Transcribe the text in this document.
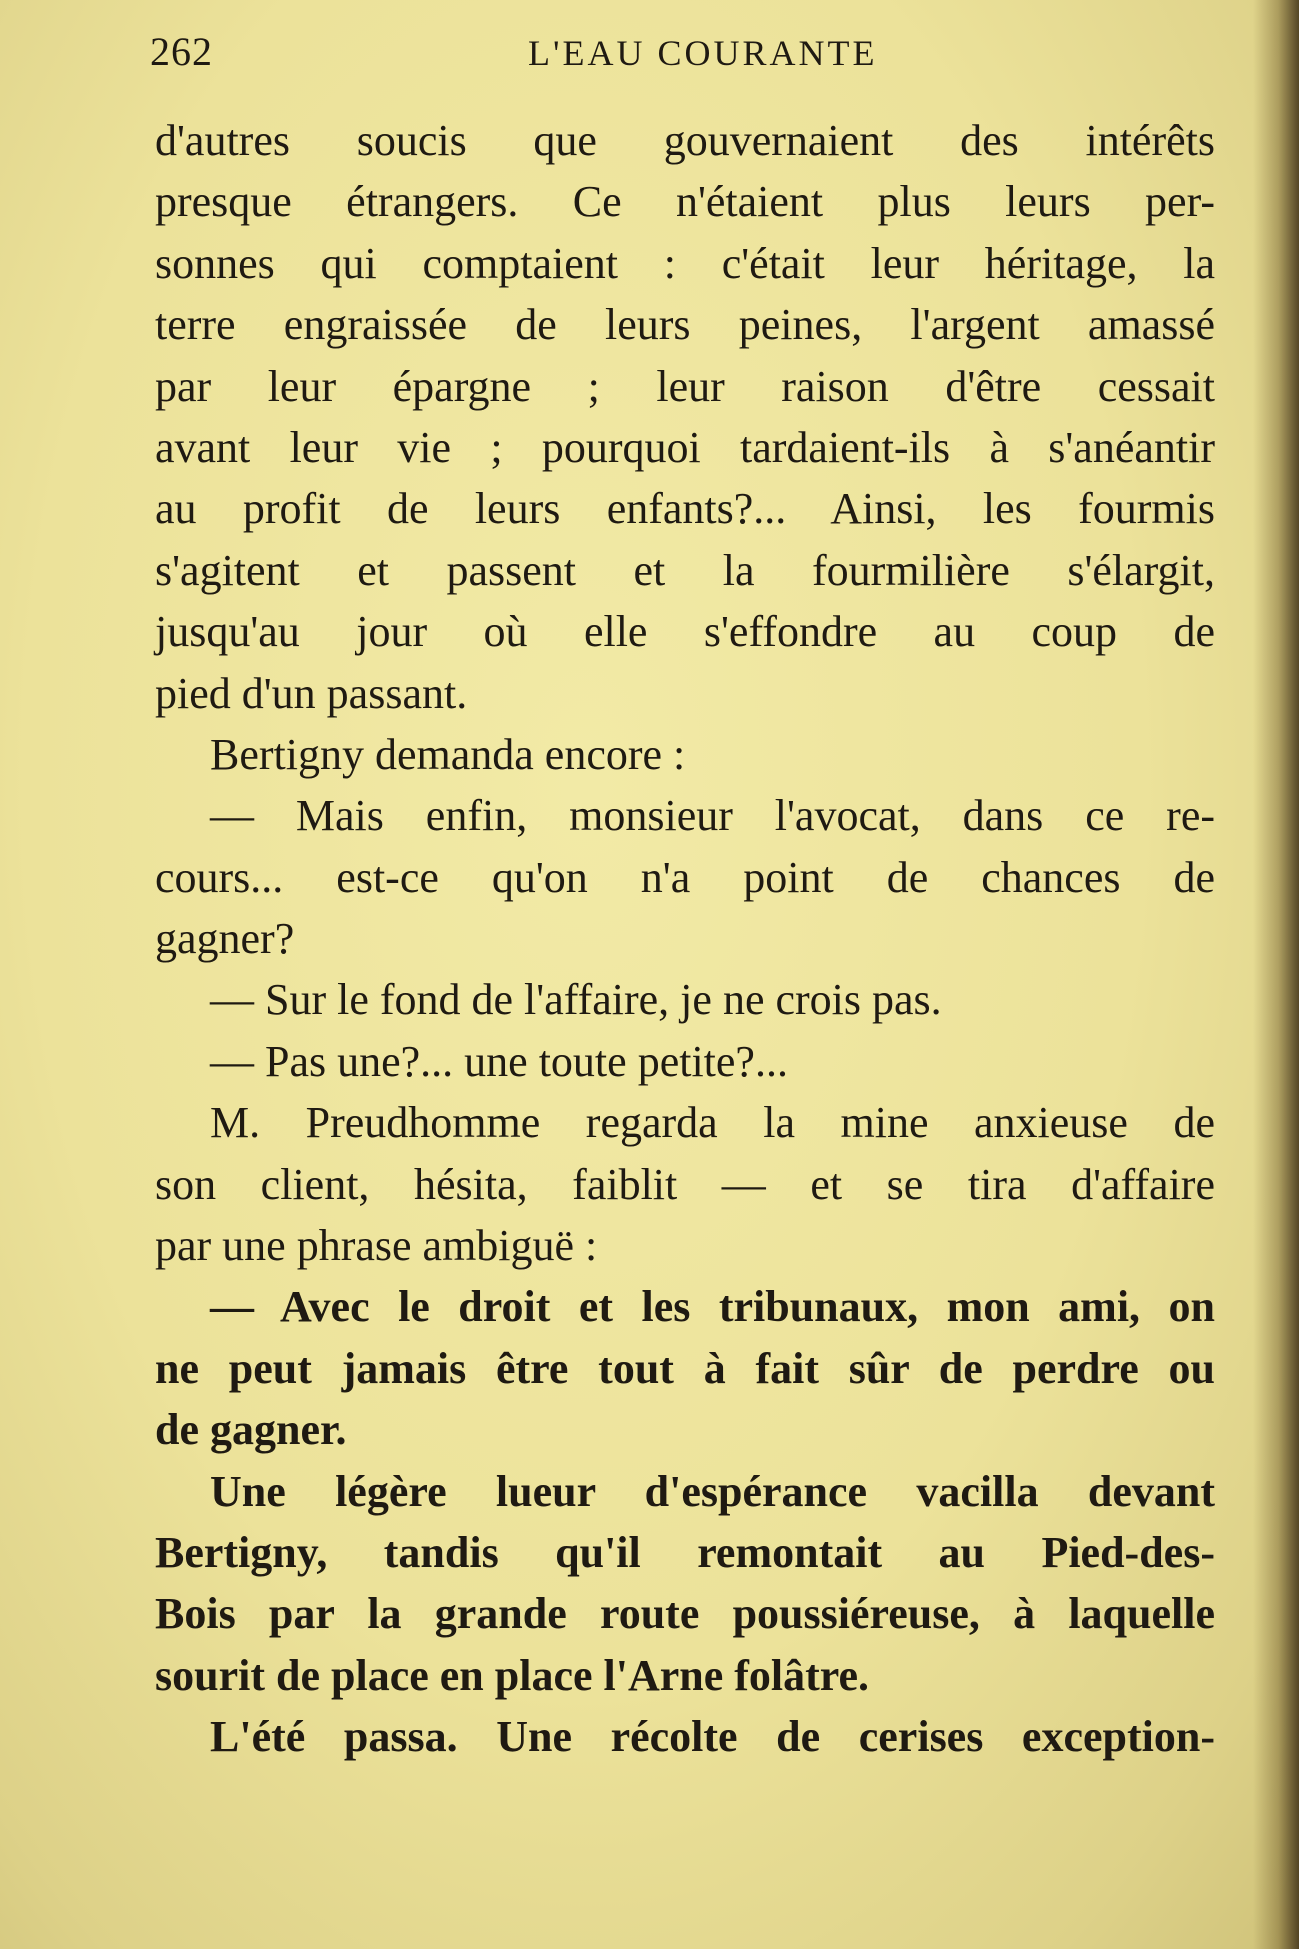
262	L'EAU COURANTE
d'autres soucis que gouvernaient des intérêts
presque étrangers. Ce n'étaient plus leurs per-
sonnes qui comptaient : c'était leur héritage, la
terre engraissée de leurs peines, l'argent amassé
par leur épargne ; leur raison d'être cessait
avant leur vie ; pourquoi tardaient-ils à s'anéantir
au profit de leurs enfants?... Ainsi, les fourmis
s'agitent et passent et la fourmilière s'élargit,
jusqu'au jour où elle s'effondre au coup de
pied d'un passant.
Bertigny demanda encore :
— Mais enfin, monsieur l'avocat, dans ce re-
cours... est-ce qu'on n'a point de chances de
gagner?
— Sur le fond de l'affaire, je ne crois pas.
— Pas une?... une toute petite?...
M. Preudhomme regarda la mine anxieuse de
son client, hésita, faiblit — et se tira d'affaire
par une phrase ambiguë :
— Avec le droit et les tribunaux, mon ami, on
ne peut jamais être tout à fait sûr de perdre ou
de gagner.
Une légère lueur d'espérance vacilla devant
Bertigny, tandis qu'il remontait au Pied-des-
Bois par la grande route poussiéreuse, à laquelle
sourit de place en place l'Arne folâtre.
L'été passa. Une récolte de cerises exception-
